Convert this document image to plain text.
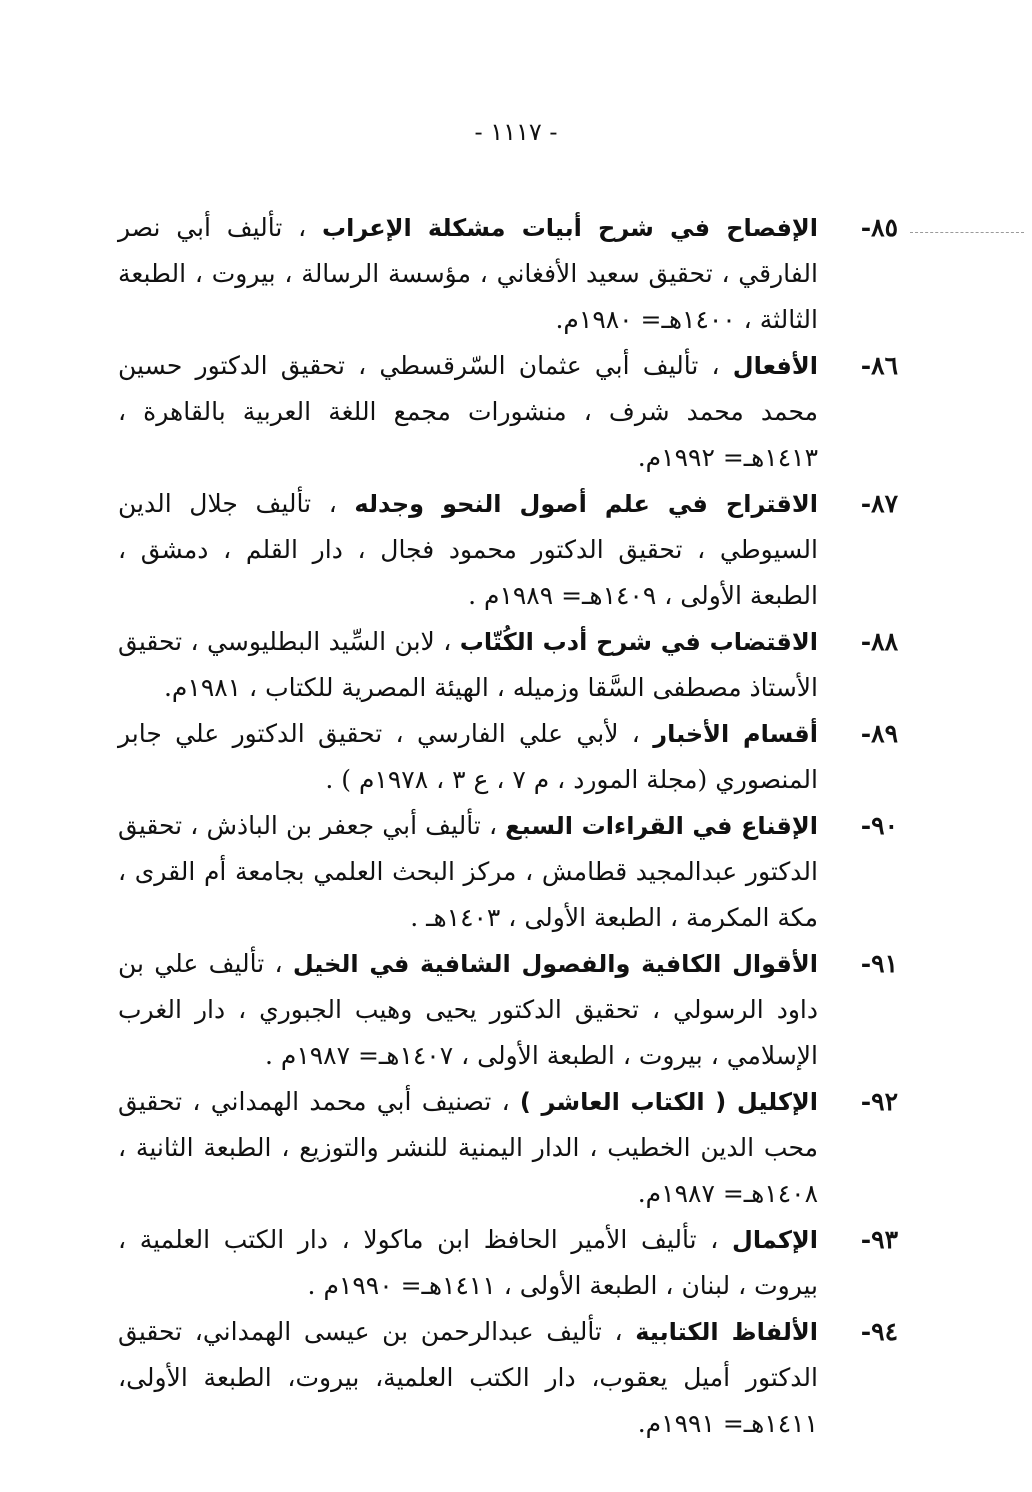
- ١١١٧ -

٨٥-
الإفصاح في شرح أبيات مشكلة الإعراب ، تأليف أبي نصر الفارقي ، تحقيق سعيد الأفغاني ، مؤسسة الرسالة ، بيروت ، الطبعة الثالثة ، ١٤٠٠هـ= ١٩٨٠م.

٨٦-
الأفعال ، تأليف أبي عثمان السّرقسطي ، تحقيق الدكتور حسين محمد محمد شرف ، منشورات مجمع اللغة العربية بالقاهرة ، ١٤١٣هـ= ١٩٩٢م.

٨٧-
الاقتراح في علم أصول النحو وجدله ، تأليف جلال الدين السيوطي ، تحقيق الدكتور محمود فجال ، دار القلم ، دمشق ، الطبعة الأولى ، ١٤٠٩هـ= ١٩٨٩م .

٨٨-
الاقتضاب في شرح أدب الكُتّاب ، لابن السِّيد البطليوسي ، تحقيق الأستاذ مصطفى السَّقا وزميله ، الهيئة المصرية للكتاب ، ١٩٨١م.

٨٩-
أقسام الأخبار ، لأبي علي الفارسي ، تحقيق الدكتور علي جابر المنصوري (مجلة المورد ، م ٧ ، ع ٣ ، ١٩٧٨م ) .

٩٠-
الإقناع في القراءات السبع ، تأليف أبي جعفر بن الباذش ، تحقيق الدكتور عبدالمجيد قطامش ، مركز البحث العلمي بجامعة أم القرى ، مكة المكرمة ، الطبعة الأولى ، ١٤٠٣هـ .

٩١-
الأقوال الكافية والفصول الشافية في الخيل ، تأليف علي بن داود الرسولي ، تحقيق الدكتور يحيى وهيب الجبوري ، دار الغرب الإسلامي ، بيروت ، الطبعة الأولى ، ١٤٠٧هـ= ١٩٨٧م .

٩٢-
الإكليل ( الكتاب العاشر ) ، تصنيف أبي محمد الهمداني ، تحقيق محب الدين الخطيب ، الدار اليمنية للنشر والتوزيع ، الطبعة الثانية ، ١٤٠٨هـ= ١٩٨٧م.

٩٣-
الإكمال ، تأليف الأمير الحافظ ابن ماكولا ، دار الكتب العلمية ، بيروت ، لبنان ، الطبعة الأولى ، ١٤١١هـ= ١٩٩٠م .

٩٤-
الألفاظ الكتابية ، تأليف عبدالرحمن بن عيسى الهمداني، تحقيق الدكتور أميل يعقوب، دار الكتب العلمية، بيروت، الطبعة الأولى، ١٤١١هـ= ١٩٩١م.
